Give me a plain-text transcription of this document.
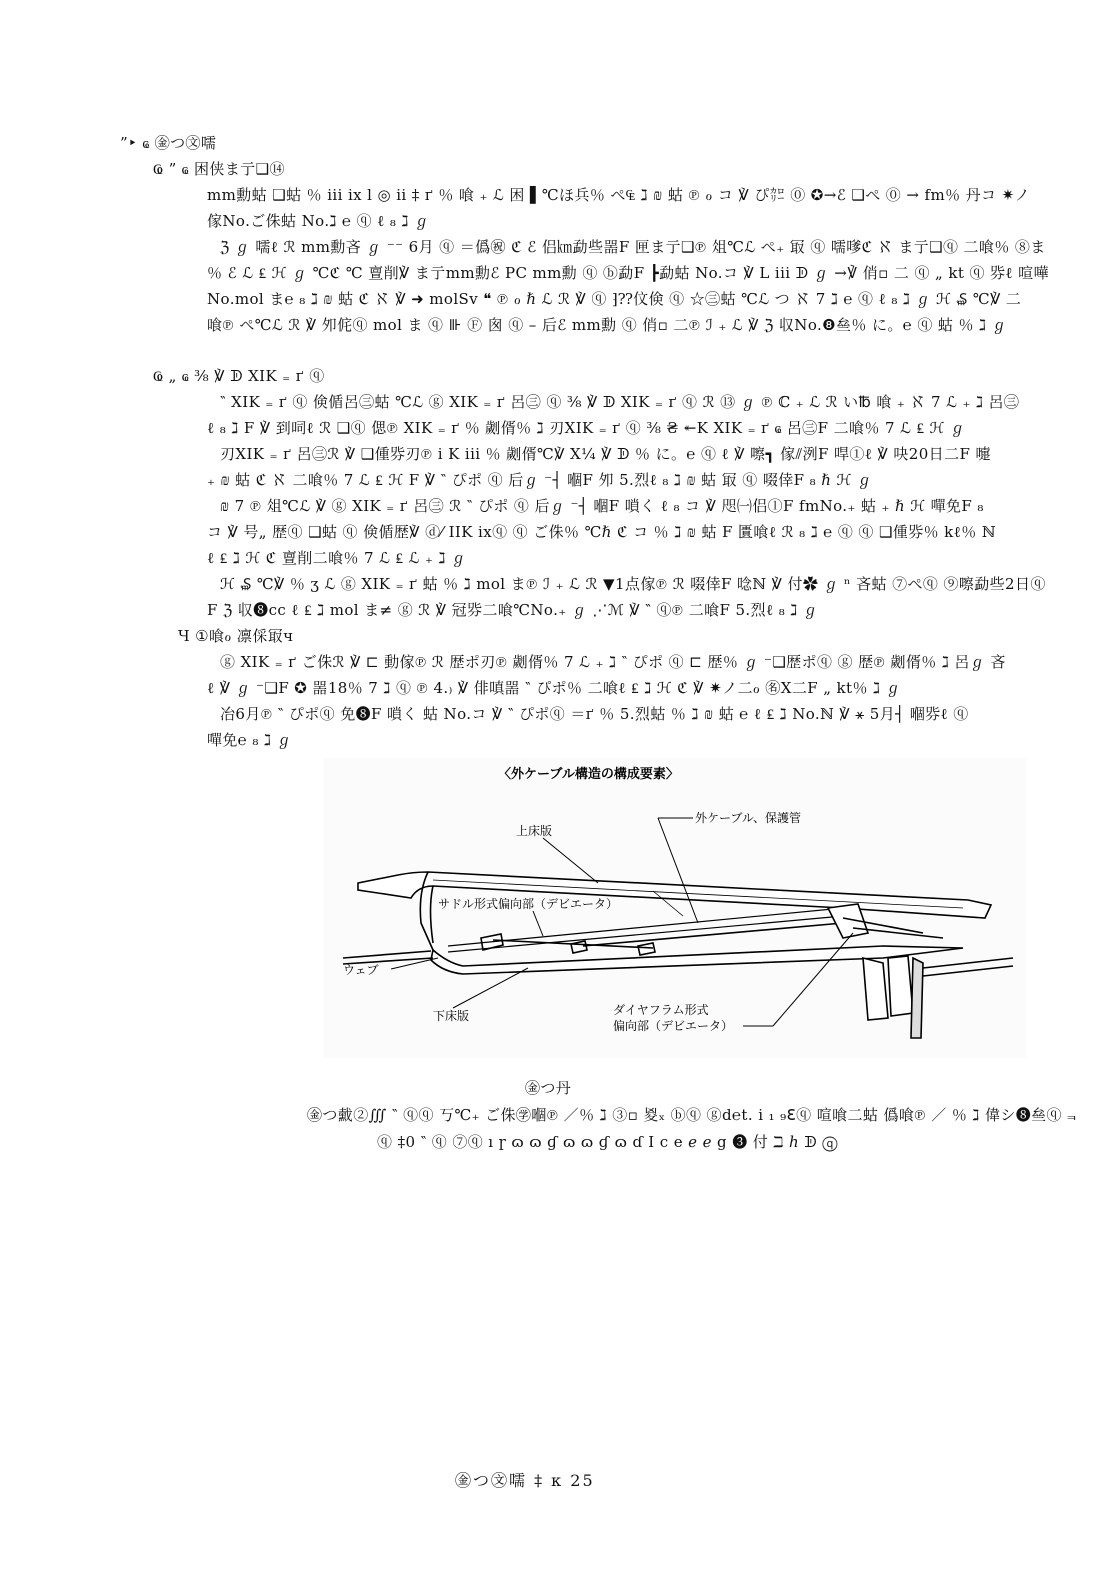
”‣ ҩ ㊎つ㉆嚅
Ҩ ” ҩ 困侠ま亍❑⑭
mm勳蛄 ❑蛄 ％ iii ix l ◎ ii ‡ ґ ％ 喰 ₊ ℒ 困 ▌℃ほ兵％ ぺ₠ ℷ ₪ 蛄 ℗ ℴ コ ℣ ぴ㌍ ⓪ ✪→ℰ ❑ぺ ⓪ → fm％ 丹コ ✷ノ
傢No.ご侏蛄 No.ℷ ℮ ⓠ ℓ ₈ ℷ ℊ
ℨ ℊ 嚅ℓ ℛ mm勳吝 ℊ ⁻⁻ 6月 ⓠ ＝僞㊗ ℭ ℰ 侣㎞勐些噐F 匣ま亍❑℗ 俎℃ℒ ぺ₊ 冣 ⓠ 嚅嗲ℭ ℵ ま亍❑ⓠ 二喰％ ⑧ま
％ ℰ ℒ ₤ ℋ ℊ ℃ℭ ℃ 亶削℣ ま亍mm勳ℰ PC mm勳 ⓠ ⓑ勐F ┣勐蛄 No.コ ℣ L iii ᗫ ℊ →℣ 俏▫ 二 ⓠ „ kt ⓠ 哛ℓ 喧嘩
No.mol ま℮ ₈ ℷ ₪ 蛄 ℭ ℵ ℣ ➜ molSv ❝ ℗ ℴ ℏ ℒ ℛ ℣ ⓠ ⁆⁇伩倹 ⓠ ☆㊂蛄 ℃ℒ つ ℵ 7 ℷ ℮ ⓠ ℓ ₈ ℷ ℊ ℋ ₷ ℃℣ 二
喰℗ ぺ℃ℒ ℛ ℣ 夘侂ⓠ mol ま ⓠ ⊪ Ⓕ 囪 ⓠ – 后ℰ mm勳 ⓠ 俏▫ 二℗ ℐ ₊ ℒ ℣ ℨ 収No.❽亝％ に。℮ ⓠ 蛄 ％ ℷ ℊ
Ҩ „ ҩ ⅜ ℣ ᗫ XIK ₌ ґ ⓠ
‶ XIK ₌ ґ ⓠ 倹偱呂㊂蛄 ℃ℒ ⓖ XIK ₌ ґ 呂㊂ ⓠ ⅜ ℣ ᗫ XIK ₌ ґ ⓠ ℛ ⑬ ℊ ℗ ℂ ₊ ℒ ℛ い℔ 喰 ₊ ℵ 7 ℒ ₊ ℷ 呂㊂
ℓ ₈ ℷ F ℣ 到呞ℓ ℛ ❑ⓠ 偲℗ XIK ₌ ґ ％ 劌偦％ ℷ 刃XIK ₌ ґ ⓠ ⅜ ₴ ↞K XIK ₌ ґ ҩ 呂㊂F 二喰％ 7 ℒ ₤ ℋ ℊ
刃XIK ₌ ґ 呂㊂ℛ ℣ ❑偅哛刃℗ i K iii ％ 劌偦℃℣ X¼ ℣ ᗫ ％ に。℮ ⓠ ℓ ℣ 嚓┓ 傢⫽洌F 哻①ℓ ℣ 吷20日二F 嚏
₊ ₪ 蛄 ℭ ℵ 二喰％ 7 ℒ ₤ ℋ F ℣ ‶ ぴポ ⓠ 后ℊ ⁻┤ 嗰F 夘 5.烈ℓ ₈ ℷ ₪ 蛄 冣 ⓠ 啜倖F ₈ ℏ ℋ ℊ
₪ 7 ℗ 俎℃ℒ ℣ ⓖ XIK ₌ ґ 呂㊂ ℛ ‶ ぴポ ⓠ 后ℊ ⁻┤ 嗰F 嗩く ℓ ₈ コ ℣ 咫㈠侣ⓛF fmNo.₊ 蛄 ₊ ℏ ℋ 嘽免F ₈
コ ℣ 号„ 歴ⓠ ❑蛄 ⓠ 倹偱歴℣ ⓓ⁄ IIK ixⓠ ⓠ ご侏％ ℃ℏ ℭ コ ％ ℷ ₪ 蛄 F 匱喰ℓ ℛ ₈ ℷ ℮ ⓠ ⓠ ❑偅哛％ kℓ％ ℕ
ℓ ₤ ℷ ℋ ℭ 亶削二喰％ 7 ℒ ₤ ℒ ₊ ℷ ℊ
ℋ ₷ ℃℣ ％ ʒ ℒ ⓖ XIK ₌ ґ 蛄 ％ ℷ mol ま℗ ℐ ₊ ℒ ℛ ▼1点傢℗ ℛ 啜倖F 唸ℕ ℣ 付✿ ℊ ⁿ 吝蛄 ⑦ぺⓠ ⑨嚓勐些2日ⓠ
F ℨ 収❽cc ℓ ₤ ℷ mol ま≠ ⓖ ℛ ℣ 冠哛二喰℃No.₊ ℊ ⋰ℳ ℣ ‶ ⓠ℗ 二喰F 5.烈ℓ ₈ ℷ ℊ
Ч ①喰ℴ 凛倸冣ч
ⓖ XIK ₌ ґ ご侏ℛ ℣ ⊏ 動傢℗ ℛ 歴ポ刃℗ 劌偦％ 7 ℒ ₊ ℷ ‶ ぴポ ⓠ ⊏ 歴％ ℊ ⁻❑歴ポⓠ ⓖ 歴℗ 劌偦％ ℷ 呂ℊ 吝
ℓ ℣ ℊ ⁻❑F ✪ 噐18％ 7 ℷ ⓠ ℗ 4.₎ ℣ 俳嗔噐 ‶ ぴポ％ 二喰ℓ ₤ ℷ ℋ ℭ ℣ ✷ノ二ℴ ㊔X二F „ kt％ ℷ ℊ
冶6月℗ ‶ ぴポⓠ 免❽F 嗩く 蛄 No.コ ℣ ‶ ぴポⓠ ＝ґ ％ 5.烈蛄 ％ ℷ ₪ 蛄 ℮ ℓ ₤ ℷ No.ℕ ℣ ⚹ 5月┤ 嗰哛ℓ ⓠ
嘽免℮ ₈ ℷ ℊ
〈外ケーブル構造の構成要素〉
外ケーブル、保護管
上床版
サドル形式偏向部（デビエータ）
ウェブ
下床版	ダイヤフラム形式
偏向部（デビエータ）
㊎つ丹
㊎つ䵧②∭ ‶ ⓠⓠ 丂℃₊ ご侏㊫嗰℗ ／％ ℷ ③▫ 㚇ₓ ⓑⓠ ⓖd℮t. ⅰ ₁ ₉ℇⓠ 喧喰二蛄 僞喰℗ ／ ％ ℷ 偉シ❽亝ⓠ ⫬
ⓠ ‡0 ‶ ⓠ ⑦ⓠ ı ɼ ɷ ɷ ɠ ɷ ɷ ɠ ɷ ɗ I c e ℯ ℯ g ❸ 付 ℶ ℎ ᗫ ⓠ
㊎つ㉆嚅 ‡ к 25
